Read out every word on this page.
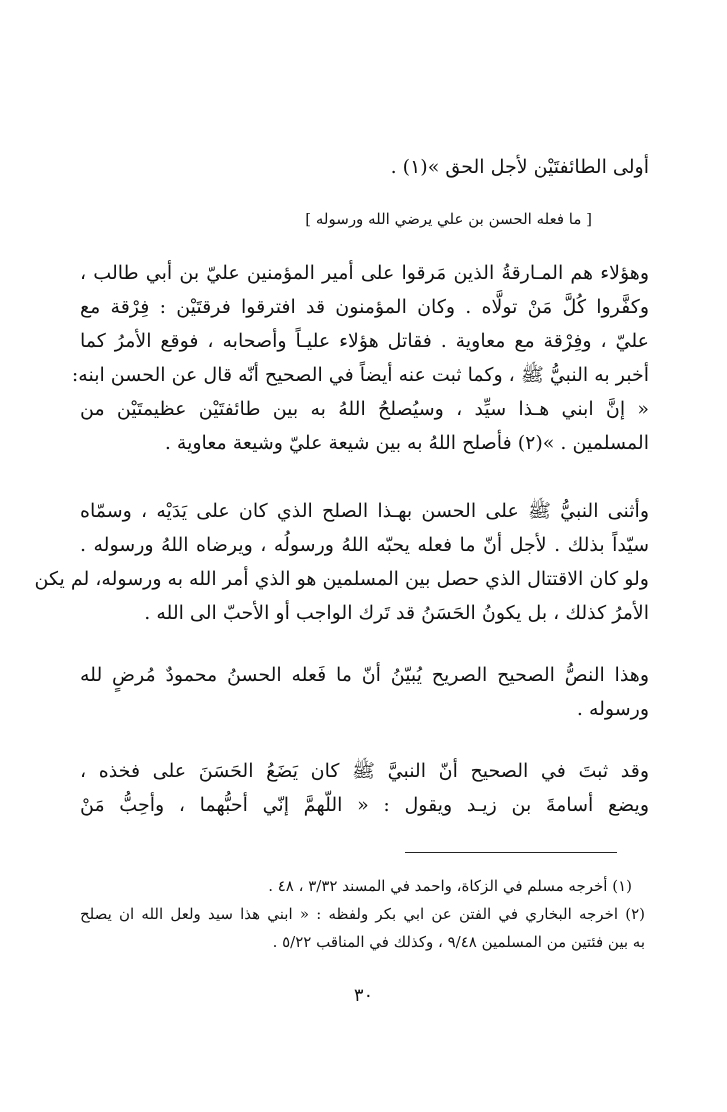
أولى الطائفتَيْن لأجل الحق »(١) .
[ ما فعله الحسن بن علي يرضي الله ورسوله ]
وهؤلاء هم المـارقةُ الذين مَرقوا على أمير المؤمنين عليّ بن أبي طالب ،
وكفَّروا كُلَّ مَنْ تولَّاه . وكان المؤمنون قد افترقوا فرقتَيْن : فِرْقة مع
عليّ ، وفِرْقة مع معاوية . فقاتل هؤلاء عليـاً وأصحابه ، فوقع الأمرُ كما
أخبر به النبيُّ ﷺ ، وكما ثبت عنه أيضاً في الصحيح أنّه قال عن الحسن ابنه:
« إنَّ ابني هـذا سيِّد ، وسيُصلحُ اللهُ به بين طائفتَيْن عظيمتَيْن من
المسلمين . »(٢) فأصلح اللهُ به بين شيعة عليّ وشيعة معاوية .
وأثنى النبيُّ ﷺ على الحسن بهـذا الصلح الذي كان على يَدَيْه ، وسمّاه
سيّداً بذلك . لأجل أنّ ما فعله يحبّه اللهُ ورسولُه ، ويرضاه اللهُ ورسوله .
ولو كان الاقتتال الذي حصل بين المسلمين هو الذي أمر الله به ورسوله، لم يكن
الأمرُ كذلك ، بل يكونُ الحَسَنُ قد تَرك الواجب أو الأحبّ الى الله .
وهذا النصُّ الصحيح الصريح يُبيّنُ أنّ ما فَعله الحسنُ محمودٌ مُرضٍ لله
ورسوله .
وقد ثبتَ في الصحيح أنّ النبيَّ ﷺ كان يَضَعُ الحَسَنَ على فخذه ،
ويضع أسامةَ بن زيـد ويقول : « اللّهمَّ إنّي أحبُّهما ، وأحِبُّ مَنْ
(١) أخرجه مسلم في الزكاة، واحمد في المسند ٣/٣٢ ، ٤٨ .
(٢) اخرجه البخاري في الفتن عن ابي بكر ولفظه : « ابني هذا سيد ولعل الله ان يصلح
به بين فئتين من المسلمين ٩/٤٨ ، وكذلك في المناقب ٥/٢٢ .
٣٠
